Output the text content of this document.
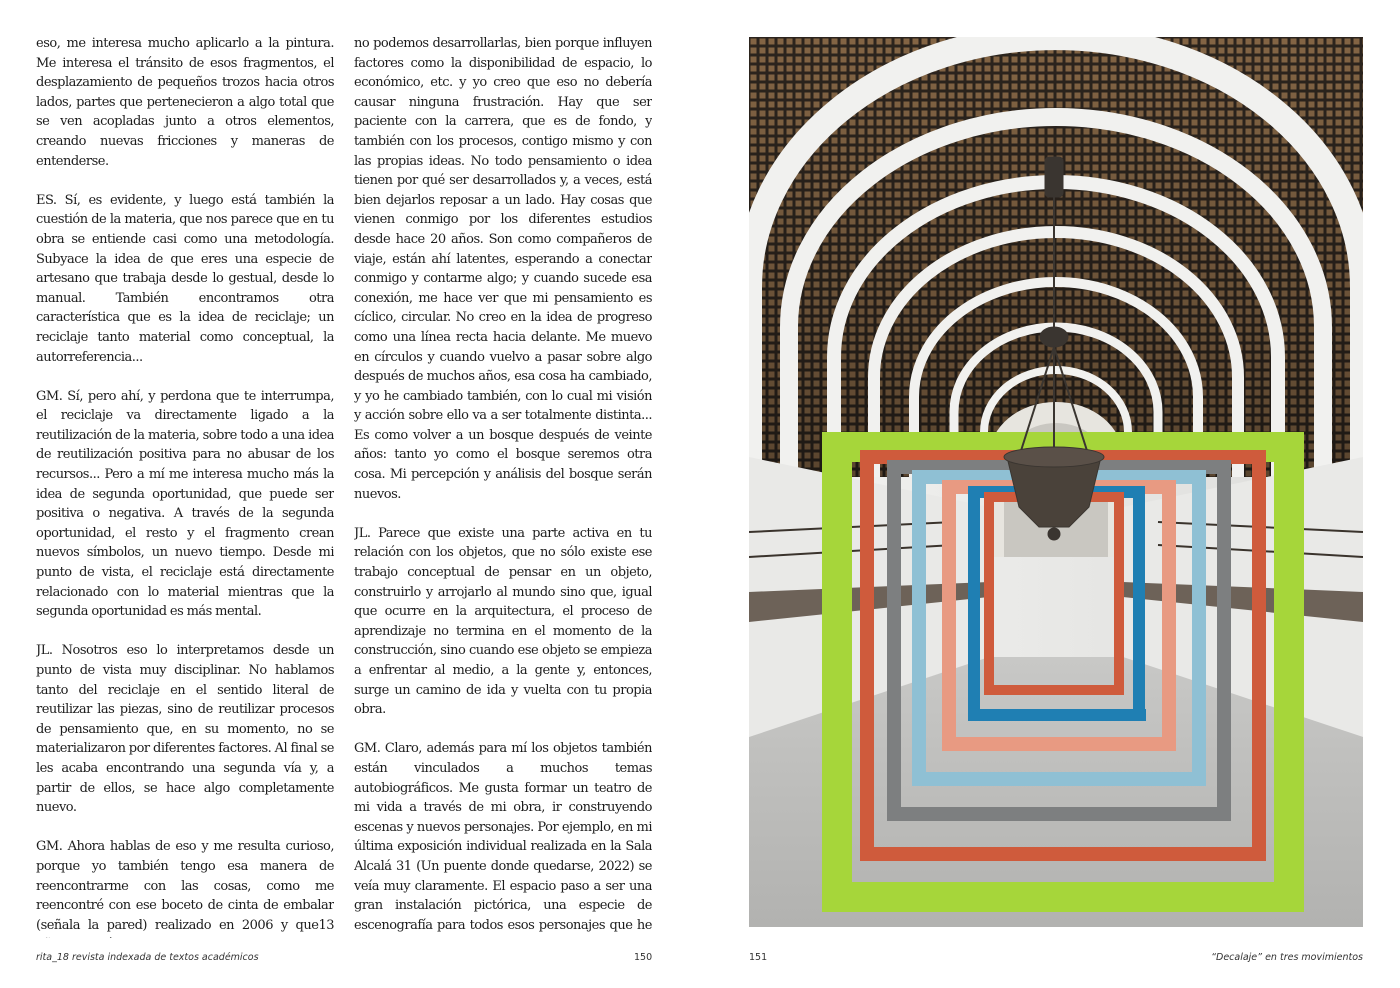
eso, me interesa mucho aplicarlo a la pintura. Me interesa el tránsito de esos fragmentos, el desplazamiento de pequeños trozos hacia otros lados, partes que pertenecieron a algo total que se ven acopladas junto a otros elementos, creando nuevas fricciones y maneras de entenderse.

ES. Sí, es evidente, y luego está también la cuestión de la materia, que nos parece que en tu obra se entiende casi como una metodología. Subyace la idea de que eres una especie de artesano que trabaja desde lo gestual, desde lo manual. También encontramos otra característica que es la idea de reciclaje; un reciclaje tanto material como conceptual, la autorreferencia...

GM. Sí, pero ahí, y perdona que te interrumpa, el reciclaje va directamente ligado a la reutilización de la materia, sobre todo a una idea de reutilización positiva para no abusar de los recursos... Pero a mí me interesa mucho más la idea de segunda oportunidad, que puede ser positiva o negativa. A través de la segunda oportunidad, el resto y el fragmento crean nuevos símbolos, un nuevo tiempo. Desde mi punto de vista, el reciclaje está directamente relacionado con lo material mientras que la segunda oportunidad es más mental.

JL. Nosotros eso lo interpretamos desde un punto de vista muy disciplinar. No hablamos tanto del reciclaje en el sentido literal de reutilizar las piezas, sino de reutilizar procesos de pensamiento que, en su momento, no se materializaron por diferentes factores. Al final se les acaba encontrando una segunda vía y, a partir de ellos, se hace algo completamente nuevo.

GM. Ahora hablas de eso y me resulta curioso, porque yo también tengo esa manera de reencontrarme con las cosas, como me reencontré con ese boceto de cinta de embalar (señala la pared) realizado en 2006 y que13

no podemos desarrollarlas, bien porque influyen factores como la disponibilidad de espacio, lo económico, etc. y yo creo que eso no debería causar ninguna frustración. Hay que ser paciente con la carrera, que es de fondo, y también con los procesos, contigo mismo y con las propias ideas. No todo pensamiento o idea tienen por qué ser desarrollados y, a veces, está bien dejarlos reposar a un lado. Hay cosas que vienen conmigo por los diferentes estudios desde hace 20 años. Son como compañeros de viaje, están ahí latentes, esperando a conectar conmigo y contarme algo; y cuando sucede esa conexión, me hace ver que mi pensamiento es cíclico, circular. No creo en la idea de progreso como una línea recta hacia delante. Me muevo en círculos y cuando vuelvo a pasar sobre algo después de muchos años, esa cosa ha cambiado, y yo he cambiado también, con lo cual mi visión y acción sobre ello va a ser totalmente distinta... Es como volver a un bosque después de veinte años: tanto yo como el bosque seremos otra cosa. Mi percepción y análisis del bosque serán nuevos.

JL. Parece que existe una parte activa en tu relación con los objetos, que no sólo existe ese trabajo conceptual de pensar en un objeto, construirlo y arrojarlo al mundo sino que, igual que ocurre en la arquitectura, el proceso de aprendizaje no termina en el momento de la construcción, sino cuando ese objeto se empieza a enfrentar al medio, a la gente y, entonces, surge un camino de ida y vuelta con tu propia obra.

GM. Claro, además para mí los objetos también están vinculados a muchos temas autobiográficos. Me gusta formar un teatro de mi vida a través de mi obra, ir construyendo escenas y nuevos personajes. Por ejemplo, en mi última exposición individual realizada en la Sala Alcalá 31 (Un puente donde quedarse, 2022) se veía muy claramente. El espacio paso a ser una gran instalación pictórica, una especie de escenografía para todos esos personajes que he

rita_18 revista indexada de textos académicos	150	151	“Decalaje” en tres movimientos
